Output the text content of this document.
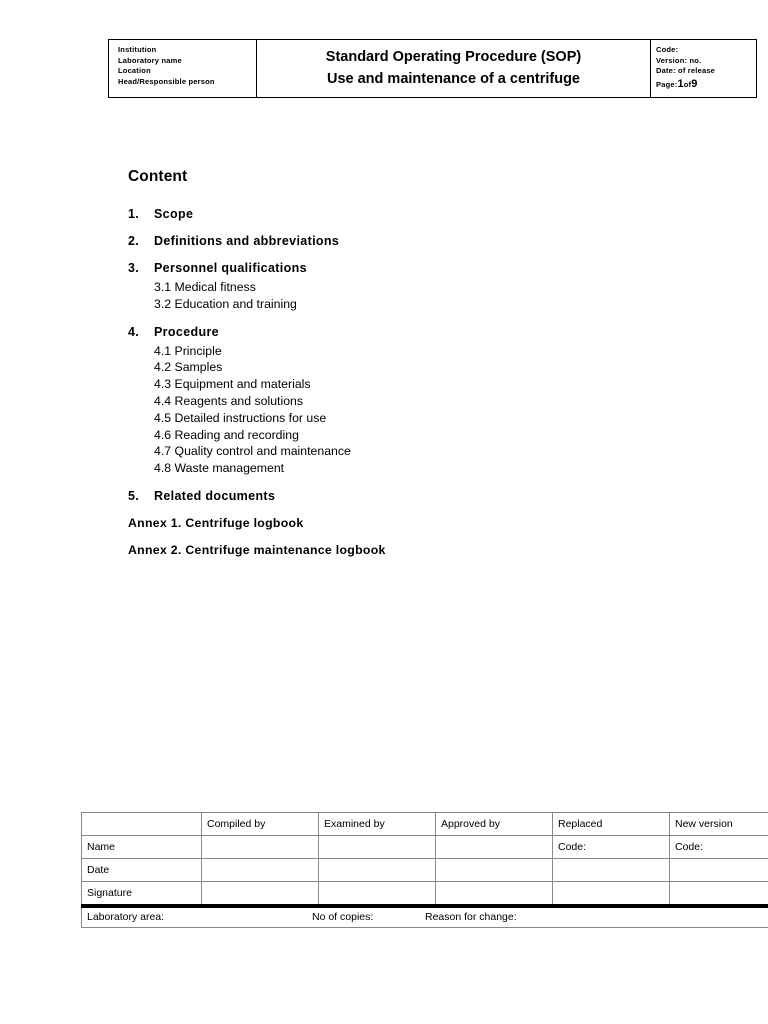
Institution
Laboratory name
Location
Head/Responsible person

Standard Operating Procedure (SOP)
Use and maintenance of a centrifuge

Code:
Version: no.
Date: of release
Page:1of9
Content
1.	Scope
2.	Definitions and abbreviations
3.	Personnel qualifications
3.1 Medical fitness
3.2 Education and training
4.	Procedure
4.1 Principle
4.2 Samples
4.3 Equipment and materials
4.4 Reagents and solutions
4.5 Detailed instructions for use
4.6 Reading and recording
4.7 Quality control and maintenance
4.8 Waste management
5.	Related documents
Annex 1. Centrifuge logbook
Annex 2. Centrifuge maintenance logbook
	Compiled by	Examined by	Approved by	Replaced	New version
Name				Code:	Code:
Date					
Signature					

Laboratory area: No of copies: Reason for change:					
